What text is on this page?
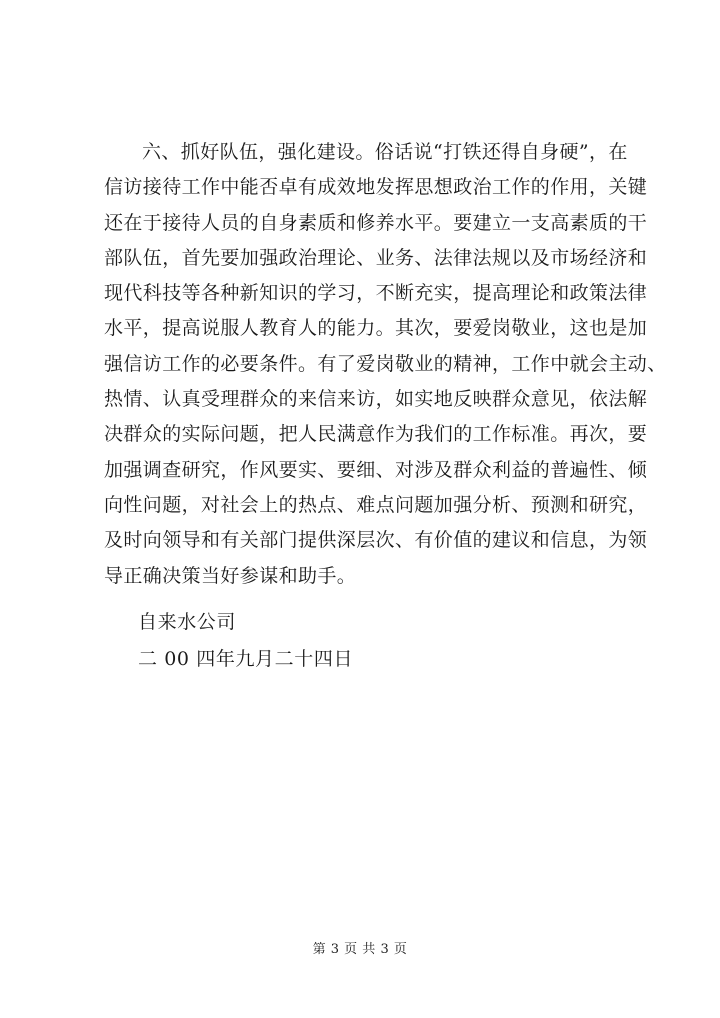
六、抓好队伍，强化建设。俗话说“打铁还得自身硬”，在
信访接待工作中能否卓有成效地发挥思想政治工作的作用，关键
还在于接待人员的自身素质和修养水平。要建立一支高素质的干
部队伍，首先要加强政治理论、业务、法律法规以及市场经济和
现代科技等各种新知识的学习，不断充实，提高理论和政策法律
水平，提高说服人教育人的能力。其次，要爱岗敬业，这也是加
强信访工作的必要条件。有了爱岗敬业的精神，工作中就会主动、
热情、认真受理群众的来信来访，如实地反映群众意见，依法解
决群众的实际问题，把人民满意作为我们的工作标准。再次，要
加强调查研究，作风要实、要细、对涉及群众利益的普遍性、倾
向性问题，对社会上的热点、难点问题加强分析、预测和研究，
及时向领导和有关部门提供深层次、有价值的建议和信息，为领
导正确决策当好参谋和助手。

自来水公司

二 00 四年九月二十四日

第 3 页 共 3 页
